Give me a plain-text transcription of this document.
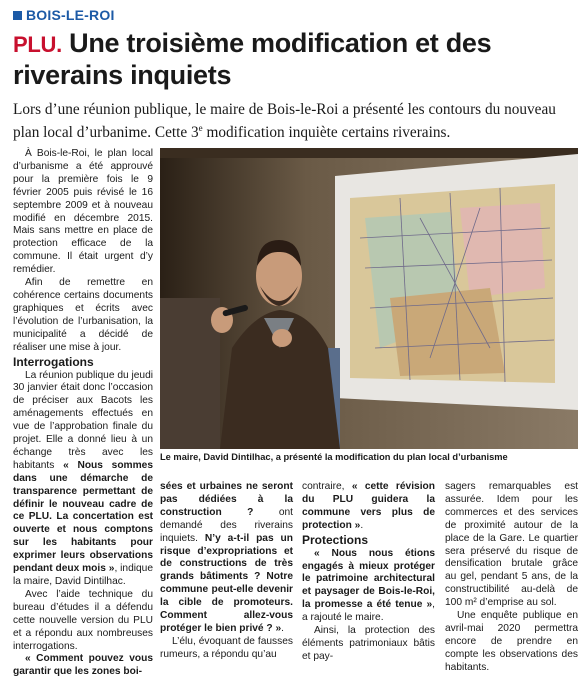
BOIS-LE-ROI
PLU. Une troisième modification et des riverains inquiets
Lors d’une réunion publique, le maire de Bois-le-Roi a présenté les contours du nouveau plan local d’urbanime. Cette 3e modification inquiète certains riverains.

À Bois-le-Roi, le plan local d’urbanisme a été approuvé pour la première fois le 9 février 2005 puis révisé le 16 septembre 2009 et à nouveau modifié en décembre 2015. Mais sans mettre en place de protection efficace de la commune. Il était urgent d’y remédier.

Afin de remettre en cohérence certains documents graphiques et écrits avec l’évolution de l’urbanisation, la municipalité a décidé de réaliser une mise à jour.

Interrogations

La réunion publique du jeudi 30 janvier était donc l’occasion de préciser aux Bacots les aménagements effectués en vue de l’approbation finale du projet. Elle a donné lieu à un échange très avec les habitants « Nous sommes dans une démarche de transparence permettant de définir le nouveau cadre de ce PLU. La concertation est ouverte et nous comptons sur les habitants pour exprimer leurs observations pendant deux mois », indique la maire, David Dintilhac.

Avec l’aide technique du bureau d’études il a défendu cette nouvelle version du PLU et a répondu aux nombreuses interrogations.

« Comment pouvez vous garantir que les zones boi-

Le maire, David Dintilhac, a présenté la modification du plan local d’urbanisme

sées et urbaines ne seront pas dédiées à la construction ? ont demandé des riverains inquiets. N’y a-t-il pas un risque d’expropriations et de constructions de très grands bâtiments ? Notre commune peut-elle devenir la cible de promoteurs. Comment allez-vous protéger le bien privé ? ».

L’élu, évoquant de fausses rumeurs, a répondu qu’au

contraire, « cette révision du PLU guidera la commune vers plus de protection ».

Protections

« Nous nous étions engagés à mieux protéger le patrimoine architectural et paysager de Bois-le-Roi, la promesse a été tenue », a rajouté le maire.

Ainsi, la protection des éléments patrimoniaux bâtis et pay-

sagers remarquables est assurée. Idem pour les commerces et des services de proximité autour de la place de la Gare. Le quartier sera préservé du risque de densification brutale grâce au gel, pendant 5 ans, de la constructibilité au-delà de 100 m² d’emprise au sol.

Une enquête publique en avril-mai 2020 permettra encore de prendre en compte les observations des habitants.
